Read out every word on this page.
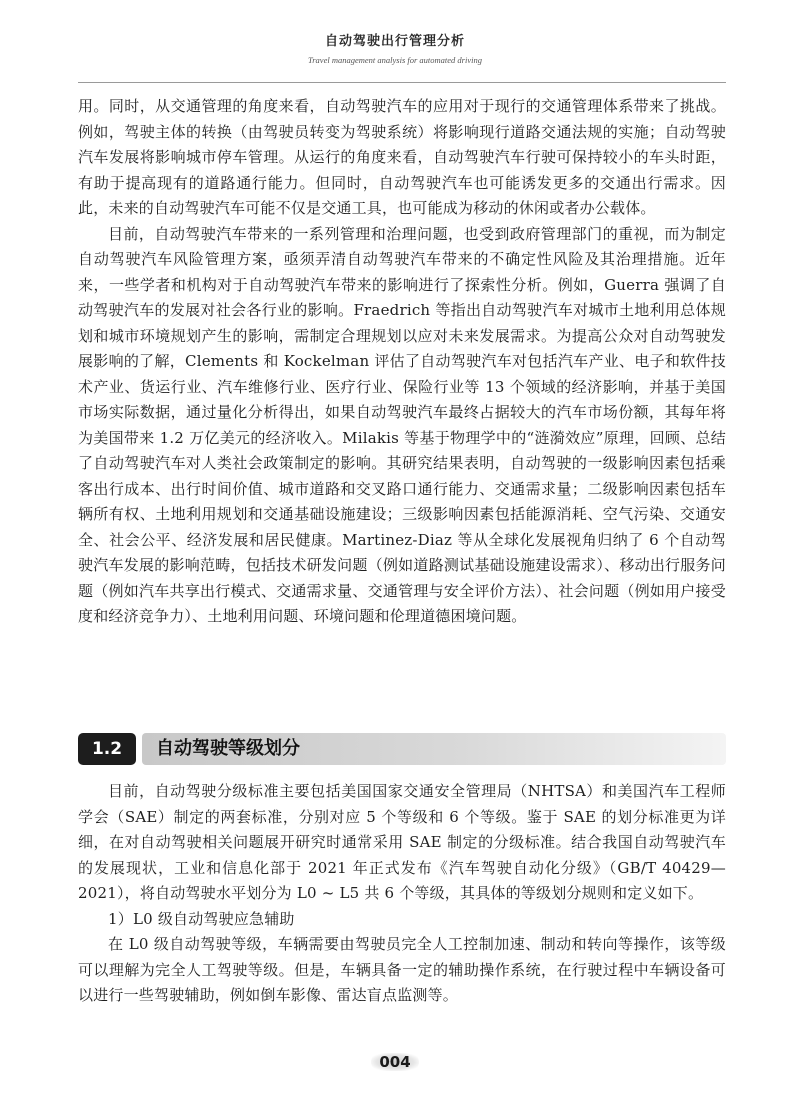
自动驾驶出行管理分析
Travel management analysis for automated driving

用。同时，从交通管理的角度来看，自动驾驶汽车的应用对于现行的交通管理体系带来了挑战。例如，驾驶主体的转换（由驾驶员转变为驾驶系统）将影响现行道路交通法规的实施；自动驾驶汽车发展将影响城市停车管理。从运行的角度来看，自动驾驶汽车行驶可保持较小的车头时距，有助于提高现有的道路通行能力。但同时，自动驾驶汽车也可能诱发更多的交通出行需求。因此，未来的自动驾驶汽车可能不仅是交通工具，也可能成为移动的休闲或者办公载体。

目前，自动驾驶汽车带来的一系列管理和治理问题，也受到政府管理部门的重视，而为制定自动驾驶汽车风险管理方案，亟须弄清自动驾驶汽车带来的不确定性风险及其治理措施。近年来，一些学者和机构对于自动驾驶汽车带来的影响进行了探索性分析。例如，Guerra 强调了自动驾驶汽车的发展对社会各行业的影响。Fraedrich 等指出自动驾驶汽车对城市土地利用总体规划和城市环境规划产生的影响，需制定合理规划以应对未来发展需求。为提高公众对自动驾驶发展影响的了解，Clements 和 Kockelman 评估了自动驾驶汽车对包括汽车产业、电子和软件技术产业、货运行业、汽车维修行业、医疗行业、保险行业等 13 个领域的经济影响，并基于美国市场实际数据，通过量化分析得出，如果自动驾驶汽车最终占据较大的汽车市场份额，其每年将为美国带来 1.2 万亿美元的经济收入。Milakis 等基于物理学中的“涟漪效应”原理，回顾、总结了自动驾驶汽车对人类社会政策制定的影响。其研究结果表明，自动驾驶的一级影响因素包括乘客出行成本、出行时间价值、城市道路和交叉路口通行能力、交通需求量；二级影响因素包括车辆所有权、土地利用规划和交通基础设施建设；三级影响因素包括能源消耗、空气污染、交通安全、社会公平、经济发展和居民健康。Martinez-Diaz 等从全球化发展视角归纳了 6 个自动驾驶汽车发展的影响范畴，包括技术研发问题（例如道路测试基础设施建设需求）、移动出行服务问题（例如汽车共享出行模式、交通需求量、交通管理与安全评价方法）、社会问题（例如用户接受度和经济竞争力）、土地利用问题、环境问题和伦理道德困境问题。

1.2	自动驾驶等级划分

目前，自动驾驶分级标准主要包括美国国家交通安全管理局（NHTSA）和美国汽车工程师学会（SAE）制定的两套标准，分别对应 5 个等级和 6 个等级。鉴于 SAE 的划分标准更为详细，在对自动驾驶相关问题展开研究时通常采用 SAE 制定的分级标准。结合我国自动驾驶汽车的发展现状，工业和信息化部于 2021 年正式发布《汽车驾驶自动化分级》（GB/T 40429—2021），将自动驾驶水平划分为 L0 ~ L5 共 6 个等级，其具体的等级划分规则和定义如下。

1）L0 级自动驾驶应急辅助

在 L0 级自动驾驶等级，车辆需要由驾驶员完全人工控制加速、制动和转向等操作，该等级可以理解为完全人工驾驶等级。但是，车辆具备一定的辅助操作系统，在行驶过程中车辆设备可以进行一些驾驶辅助，例如倒车影像、雷达盲点监测等。

004
